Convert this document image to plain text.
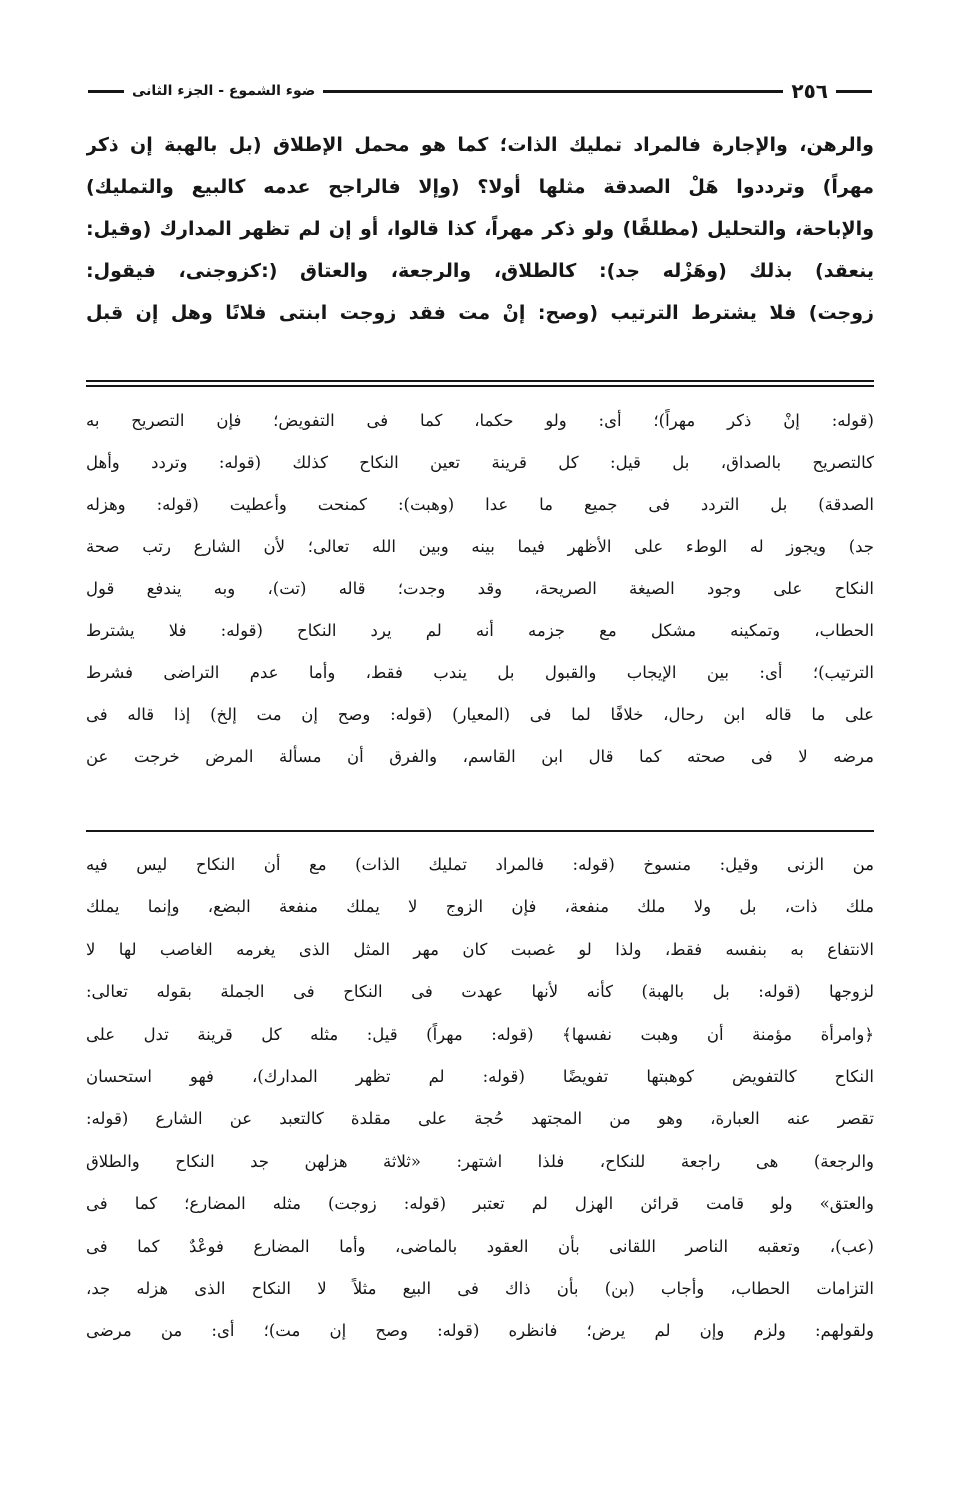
٢٥٦
ضوء الشموع - الجزء الثانى
والرهن، والإجارة فالمراد تمليك الذات؛ كما هو محمل الإطلاق (بل بالهبة إن ذكر
مهراً) وترددوا هَلْ الصدقة مثلها أولا؟ (وإلا فالراجح عدمه كالبيع والتمليك)
والإباحة، والتحليل (مطلقًا) ولو ذكر مهراً، كذا قالوا، أو إن لم تظهر المدارك (وقيل:
ينعقد) بذلك (وهَزْله جد): كالطلاق، والرجعة، والعتاق (:كزوجنى، فيقول:
زوجت) فلا يشترط الترتيب (وصح: إنْ مت فقد زوجت ابنتى فلانًا وهل إن قبل
(قوله: إنْ ذكر مهراً)؛ أى: ولو حكما، كما فى التفويض؛ فإن التصريح به
كالتصريح بالصداق، بل قيل: كل قرينة تعين النكاح كذلك (قوله: وتردد وأهل
الصدقة) بل التردد فى جميع ما عدا (وهبت): كمنحت وأعطيت (قوله: وهزله
جد) ويجوز له الوطء على الأظهر فيما بينه وبين الله تعالى؛ لأن الشارع رتب صحة
النكاح على وجود الصيغة الصريحة، وقد وجدت؛ قاله (تت)، وبه يندفع قول
الحطاب، وتمكينه مشكل مع جزمه أنه لم يرد النكاح (قوله: فلا يشترط
الترتيب)؛ أى: بين الإيجاب والقبول بل يندب فقط، وأما عدم التراضى فشرط
على ما قاله ابن رحال، خلافًا لما فى (المعيار) (قوله: وصح إن مت إلخ) إذا قاله فى
مرضه لا فى صحته كما قال ابن القاسم، والفرق أن مسألة المرض خرجت عن
من الزنى وقيل: منسوخ (قوله: فالمراد تمليك الذات) مع أن النكاح ليس فيه
ملك ذات، بل ولا ملك منفعة، فإن الزوج لا يملك منفعة البضع، وإنما يملك
الانتفاع به بنفسه فقط، ولذا لو غصبت كان مهر المثل الذى يغرمه الغاصب لها لا
لزوجها (قوله: بل بالهبة) كأنه لأنها عهدت فى النكاح فى الجملة بقوله تعالى:
﴿وامرأة مؤمنة أن وهبت نفسها﴾ (قوله: مهراً) قيل: مثله كل قرينة تدل على
النكاح كالتفويض كوهبتها تفويضًا (قوله: لم تظهر المدارك)، فهو استحسان
تقصر عنه العبارة، وهو من المجتهد حُجة على مقلدة كالتعبد عن الشارع (قوله:
والرجعة) هى راجعة للنكاح، فلذا اشتهر: «ثلاثة هزلهن جد النكاح والطلاق
والعتق» ولو قامت قرائن الهزل لم تعتبر (قوله: زوجت) مثله المضارع؛ كما فى
(عب)، وتعقبه الناصر اللقانى بأن العقود بالماضى، وأما المضارع فوعْدٌ كما فى
التزامات الحطاب، وأجاب (بن) بأن ذاك فى البيع مثلاً لا النكاح الذى هزله جد،
ولقولهم: ولزم وإن لم يرض؛ فانظره (قوله: وصح إن مت)؛ أى: من مرضى
